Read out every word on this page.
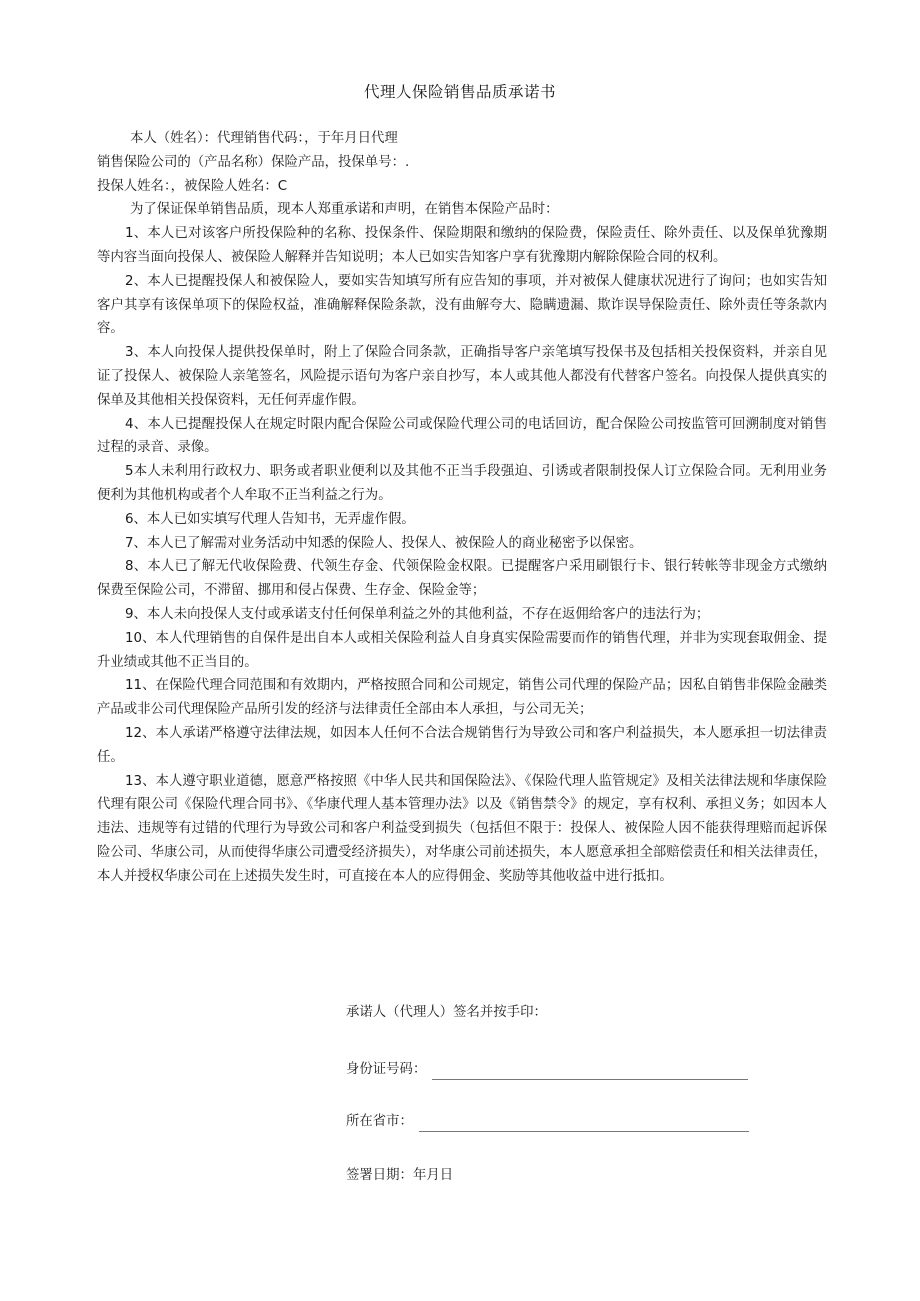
代理人保险销售品质承诺书

本人（姓名）：代理销售代码：，于年月日代理

销售保险公司的（产品名称）保险产品，投保单号：.

投保人姓名：，被保险人姓名：C

为了保证保单销售品质，现本人郑重承诺和声明，在销售本保险产品时：

1、本人已对该客户所投保险种的名称、投保条件、保险期限和缴纳的保险费，保险责任、除外责任、以及保单犹豫期等内容当面向投保人、被保险人解释并告知说明；本人已如实告知客户享有犹豫期内解除保险合同的权利。

2、本人已提醒投保人和被保险人，要如实告知填写所有应告知的事项，并对被保人健康状况进行了询问；也如实告知客户其享有该保单项下的保险权益，准确解释保险条款，没有曲解夸大、隐瞒遗漏、欺诈误导保险责任、除外责任等条款内容。

3、本人向投保人提供投保单时，附上了保险合同条款，正确指导客户亲笔填写投保书及包括相关投保资料，并亲自见证了投保人、被保险人亲笔签名，风险提示语句为客户亲自抄写，本人或其他人都没有代替客户签名。向投保人提供真实的保单及其他相关投保资料，无任何弄虚作假。

4、本人已提醒投保人在规定时限内配合保险公司或保险代理公司的电话回访，配合保险公司按监管可回溯制度对销售过程的录音、录像。

5本人未利用行政权力、职务或者职业便利以及其他不正当手段强迫、引诱或者限制投保人订立保险合同。无利用业务便利为其他机构或者个人牟取不正当利益之行为。

6、本人已如实填写代理人告知书，无弄虚作假。

7、本人已了解需对业务活动中知悉的保险人、投保人、被保险人的商业秘密予以保密。

8、本人已了解无代收保险费、代领生存金、代领保险金权限。已提醒客户采用刷银行卡、银行转帐等非现金方式缴纳保费至保险公司，不滞留、挪用和侵占保费、生存金、保险金等；

9、本人未向投保人支付或承诺支付任何保单利益之外的其他利益，不存在返佣给客户的违法行为；

10、本人代理销售的自保件是出自本人或相关保险利益人自身真实保险需要而作的销售代理，并非为实现套取佣金、提升业绩或其他不正当目的。

11、在保险代理合同范围和有效期内，严格按照合同和公司规定，销售公司代理的保险产品；因私自销售非保险金融类产品或非公司代理保险产品所引发的经济与法律责任全部由本人承担，与公司无关；

12、本人承诺严格遵守法律法规，如因本人任何不合法合规销售行为导致公司和客户利益损失，本人愿承担一切法律责任。

13、本人遵守职业道德，愿意严格按照《中华人民共和国保险法》、《保险代理人监管规定》及相关法律法规和华康保险代理有限公司《保险代理合同书》、《华康代理人基本管理办法》以及《销售禁令》的规定，享有权利、承担义务；如因本人违法、违规等有过错的代理行为导致公司和客户利益受到损失（包括但不限于：投保人、被保险人因不能获得理赔而起诉保险公司、华康公司，从而使得华康公司遭受经济损失），对华康公司前述损失，本人愿意承担全部赔偿责任和相关法律责任，本人并授权华康公司在上述损失发生时，可直接在本人的应得佣金、奖励等其他收益中进行抵扣。

承诺人（代理人）签名并按手印：
身份证号码：
所在省市：
签署日期：年月日
